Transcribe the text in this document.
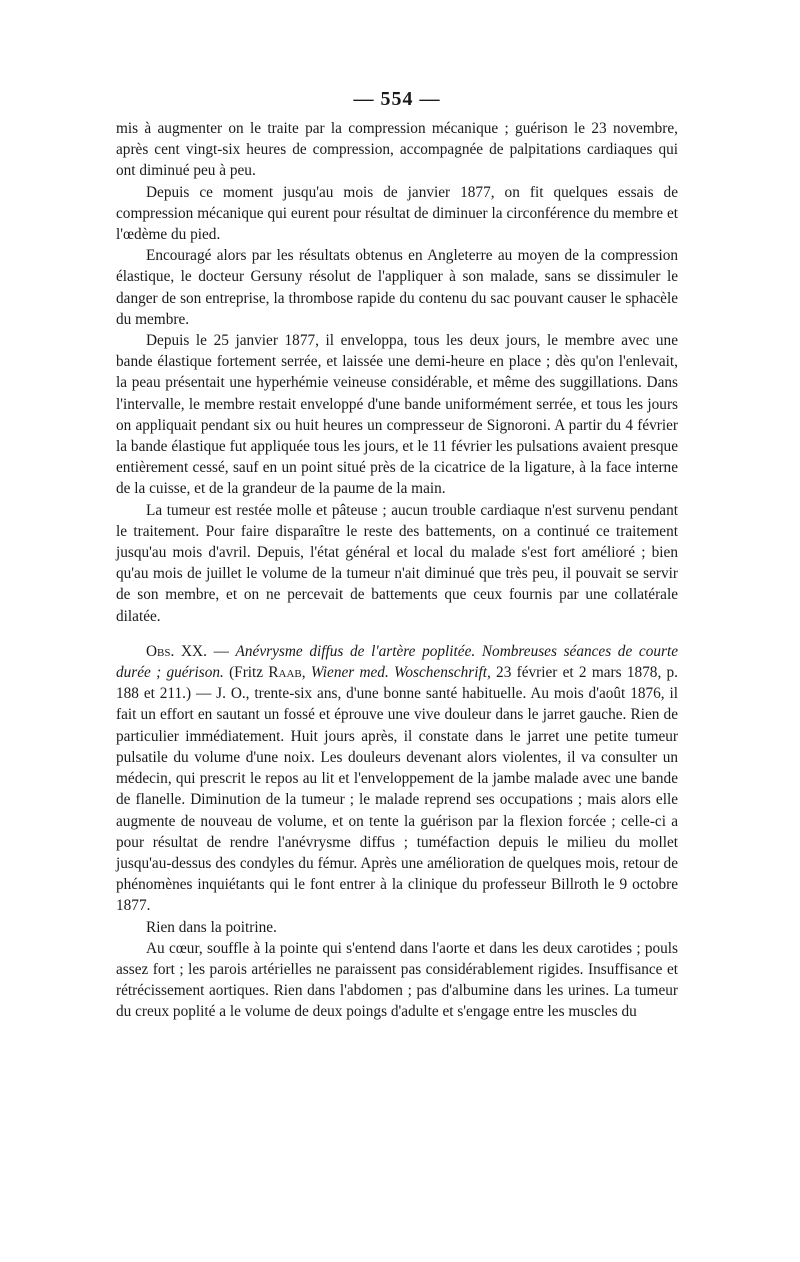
— 554 —

mis à augmenter on le traite par la compression mécanique ; guérison le 23 novembre, après cent vingt-six heures de compression, accompagnée de palpitations cardiaques qui ont diminué peu à peu.

Depuis ce moment jusqu'au mois de janvier 1877, on fit quelques essais de compression mécanique qui eurent pour résultat de diminuer la circonférence du membre et l'œdème du pied.

Encouragé alors par les résultats obtenus en Angleterre au moyen de la compression élastique, le docteur Gersuny résolut de l'appliquer à son malade, sans se dissimuler le danger de son entreprise, la thrombose rapide du contenu du sac pouvant causer le sphacèle du membre.

Depuis le 25 janvier 1877, il enveloppa, tous les deux jours, le membre avec une bande élastique fortement serrée, et laissée une demi-heure en place ; dès qu'on l'enlevait, la peau présentait une hyperhémie veineuse considérable, et même des suggillations. Dans l'intervalle, le membre restait enveloppé d'une bande uniformément serrée, et tous les jours on appliquait pendant six ou huit heures un compresseur de Signoroni. A partir du 4 février la bande élastique fut appliquée tous les jours, et le 11 février les pulsations avaient presque entièrement cessé, sauf en un point situé près de la cicatrice de la ligature, à la face interne de la cuisse, et de la grandeur de la paume de la main.

La tumeur est restée molle et pâteuse ; aucun trouble cardiaque n'est survenu pendant le traitement. Pour faire disparaître le reste des battements, on a continué ce traitement jusqu'au mois d'avril. Depuis, l'état général et local du malade s'est fort amélioré ; bien qu'au mois de juillet le volume de la tumeur n'ait diminué que très peu, il pouvait se servir de son membre, et on ne percevait de battements que ceux fournis par une collatérale dilatée.

Obs. XX. — Anévrysme diffus de l'artère poplitée. Nombreuses séances de courte durée ; guérison. (Fritz Raab, Wiener med. Woschenschrift, 23 février et 2 mars 1878, p. 188 et 211.) — J. O., trente-six ans, d'une bonne santé habituelle. Au mois d'août 1876, il fait un effort en sautant un fossé et éprouve une vive douleur dans le jarret gauche. Rien de particulier immédiatement. Huit jours après, il constate dans le jarret une petite tumeur pulsatile du volume d'une noix. Les douleurs devenant alors violentes, il va consulter un médecin, qui prescrit le repos au lit et l'enveloppement de la jambe malade avec une bande de flanelle. Diminution de la tumeur ; le malade reprend ses occupations ; mais alors elle augmente de nouveau de volume, et on tente la guérison par la flexion forcée ; celle-ci a pour résultat de rendre l'anévrysme diffus ; tuméfaction depuis le milieu du mollet jusqu'au-dessus des condyles du fémur. Après une amélioration de quelques mois, retour de phénomènes inquiétants qui le font entrer à la clinique du professeur Billroth le 9 octobre 1877.

Rien dans la poitrine.

Au cœur, souffle à la pointe qui s'entend dans l'aorte et dans les deux carotides ; pouls assez fort ; les parois artérielles ne paraissent pas considérablement rigides. Insuffisance et rétrécissement aortiques. Rien dans l'abdomen ; pas d'albumine dans les urines. La tumeur du creux poplité a le volume de deux poings d'adulte et s'engage entre les muscles du
